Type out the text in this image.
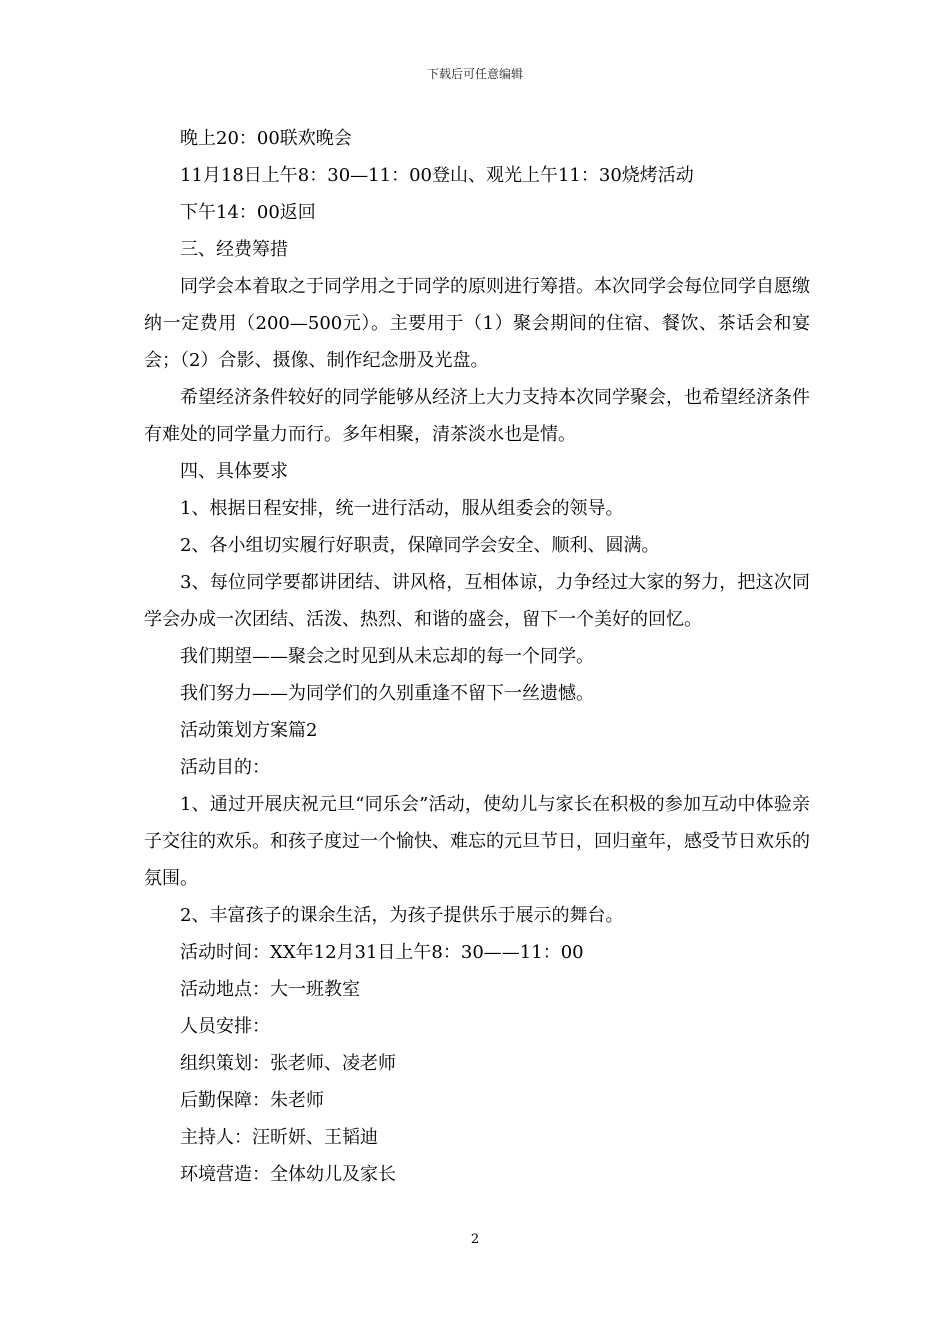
下载后可任意编辑

晚上20：00联欢晚会

11月18日上午8：30—11：00登山、观光上午11：30烧烤活动

下午14：00返回

三、经费筹措

同学会本着取之于同学用之于同学的原则进行筹措。本次同学会每位同学自愿缴纳一定费用（200—500元）。主要用于（1）聚会期间的住宿、餐饮、茶话会和宴会；（2）合影、摄像、制作纪念册及光盘。

希望经济条件较好的同学能够从经济上大力支持本次同学聚会，也希望经济条件有难处的同学量力而行。多年相聚，清茶淡水也是情。

四、具体要求

1、根据日程安排，统一进行活动，服从组委会的领导。

2、各小组切实履行好职责，保障同学会安全、顺利、圆满。

3、每位同学要都讲团结、讲风格，互相体谅，力争经过大家的努力，把这次同学会办成一次团结、活泼、热烈、和谐的盛会，留下一个美好的回忆。

我们期望——聚会之时见到从未忘却的每一个同学。

我们努力——为同学们的久别重逢不留下一丝遗憾。

活动策划方案篇2

活动目的：

1、通过开展庆祝元旦“同乐会”活动，使幼儿与家长在积极的参加互动中体验亲子交往的欢乐。和孩子度过一个愉快、难忘的元旦节日，回归童年，感受节日欢乐的氛围。

2、丰富孩子的课余生活，为孩子提供乐于展示的舞台。

活动时间：XX年12月31日上午8：30——11：00

活动地点：大一班教室

人员安排：

组织策划：张老师、凌老师

后勤保障：朱老师

主持人：汪昕妍、王韬迪

环境营造：全体幼儿及家长

2
